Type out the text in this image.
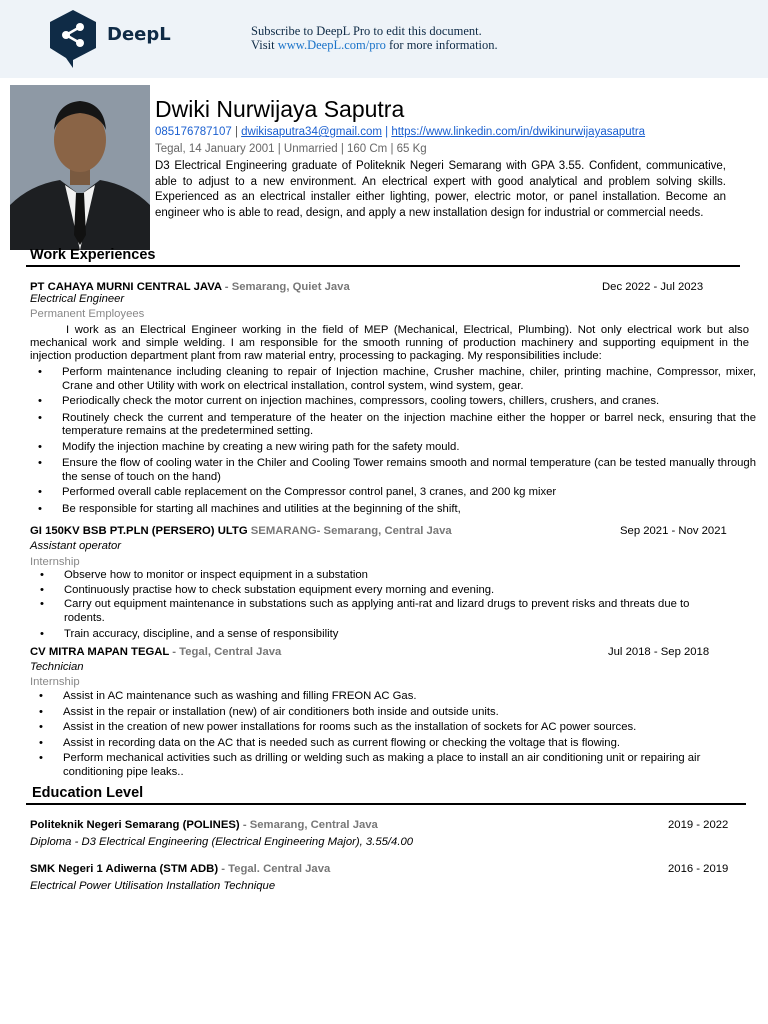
DeepL	Subscribe to DeepL Pro to edit this document.
Visit www.DeepL.com/pro for more information.
Dwiki Nurwijaya Saputra
085176787107 | dwikisaputra34@gmail.com | https://www.linkedin.com/in/dwikinurwijayasaputra
Tegal, 14 January 2001 | Unmarried | 160 Cm | 65 Kg
D3 Electrical Engineering graduate of Politeknik Negeri Semarang with GPA 3.55. Confident, communicative, able to adjust to a new environment. An electrical expert with good analytical and problem solving skills. Experienced as an electrical installer either lighting, power, electric motor, or panel installation. Become an engineer who is able to read, design, and apply a new installation design for industrial or commercial needs.
Work Experiences
PT CAHAYA MURNI CENTRAL JAVA - Semarang, Quiet Java	Dec 2022 - Jul 2023
Electrical Engineer
Permanent Employees
I work as an Electrical Engineer working in the field of MEP (Mechanical, Electrical, Plumbing). Not only electrical work but also mechanical work and simple welding. I am responsible for the smooth running of production machinery and supporting equipment in the injection production department plant from raw material entry, processing to packaging. My responsibilities include:
• Perform maintenance including cleaning to repair of Injection machine, Crusher machine, chiler, printing machine, Compressor, mixer, Crane and other Utility with work on electrical installation, control system, wind system, gear.
• Periodically check the motor current on injection machines, compressors, cooling towers, chillers, crushers, and cranes.
• Routinely check the current and temperature of the heater on the injection machine either the hopper or barrel neck, ensuring that the temperature remains at the predetermined setting.
• Modify the injection machine by creating a new wiring path for the safety mould.
• Ensure the flow of cooling water in the Chiler and Cooling Tower remains smooth and normal temperature (can be tested manually through the sense of touch on the hand)
• Performed overall cable replacement on the Compressor control panel, 3 cranes, and 200 kg mixer
• Be responsible for starting all machines and utilities at the beginning of the shift,
GI 150KV BSB PT.PLN (PERSERO) ULTG SEMARANG- Semarang, Central Java	Sep 2021 - Nov 2021
Assistant operator
Internship
• Observe how to monitor or inspect equipment in a substation
• Continuously practise how to check substation equipment every morning and evening.
• Carry out equipment maintenance in substations such as applying anti-rat and lizard drugs to prevent risks and threats due to rodents.
• Train accuracy, discipline, and a sense of responsibility
CV MITRA MAPAN TEGAL - Tegal, Central Java	Jul 2018 - Sep 2018
Technician
Internship
• Assist in AC maintenance such as washing and filling FREON AC Gas.
• Assist in the repair or installation (new) of air conditioners both inside and outside units.
• Assist in the creation of new power installations for rooms such as the installation of sockets for AC power sources.
• Assist in recording data on the AC that is needed such as current flowing or checking the voltage that is flowing.
• Perform mechanical activities such as drilling or welding such as making a place to install an air conditioning unit or repairing air conditioning pipe leaks..
Education Level
Politeknik Negeri Semarang (POLINES) - Semarang, Central Java	2019 - 2022
Diploma - D3 Electrical Engineering (Electrical Engineering Major), 3.55/4.00
SMK Negeri 1 Adiwerna (STM ADB) - Tegal. Central Java	2016 - 2019
Electrical Power Utilisation Installation Technique
